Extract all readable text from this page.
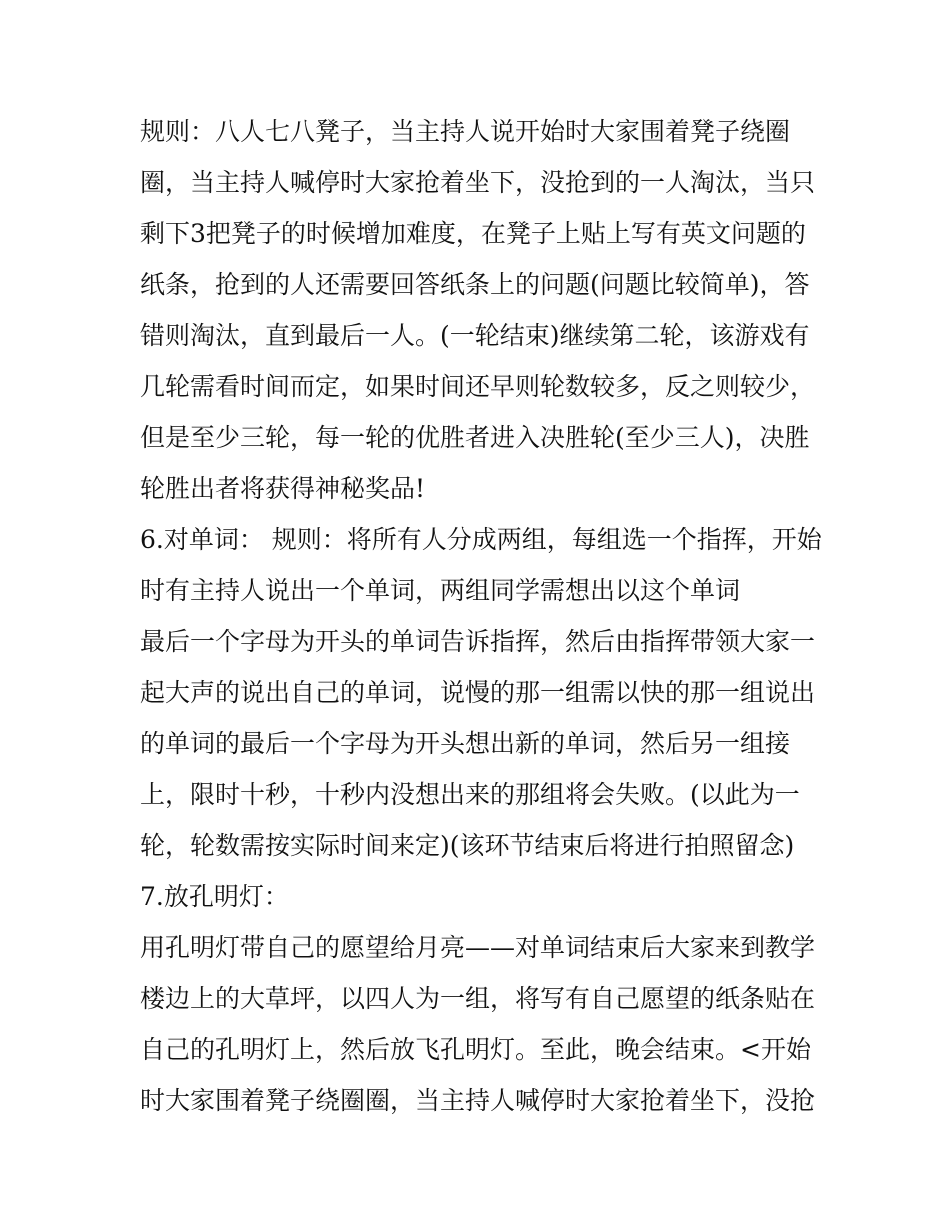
规则：八人七八凳子，当主持人说开始时大家围着凳子绕圈
圈，当主持人喊停时大家抢着坐下，没抢到的一人淘汰，当只
剩下3把凳子的时候增加难度，在凳子上贴上写有英文问题的
纸条，抢到的人还需要回答纸条上的问题(问题比较简单)，答
错则淘汰，直到最后一人。(一轮结束)继续第二轮，该游戏有
几轮需看时间而定，如果时间还早则轮数较多，反之则较少，
但是至少三轮，每一轮的优胜者进入决胜轮(至少三人)，决胜
轮胜出者将获得神秘奖品!
6.对单词： 规则：将所有人分成两组，每组选一个指挥，开始
时有主持人说出一个单词，两组同学需想出以这个单词
最后一个字母为开头的单词告诉指挥，然后由指挥带领大家一
起大声的说出自己的单词，说慢的那一组需以快的那一组说出
的单词的最后一个字母为开头想出新的单词，然后另一组接
上，限时十秒，十秒内没想出来的那组将会失败。(以此为一
轮，轮数需按实际时间来定)(该环节结束后将进行拍照留念)
7.放孔明灯：
用孔明灯带自己的愿望给月亮——对单词结束后大家来到教学
楼边上的大草坪，以四人为一组，将写有自己愿望的纸条贴在
自己的孔明灯上，然后放飞孔明灯。至此，晚会结束。<开始
时大家围着凳子绕圈圈，当主持人喊停时大家抢着坐下，没抢
